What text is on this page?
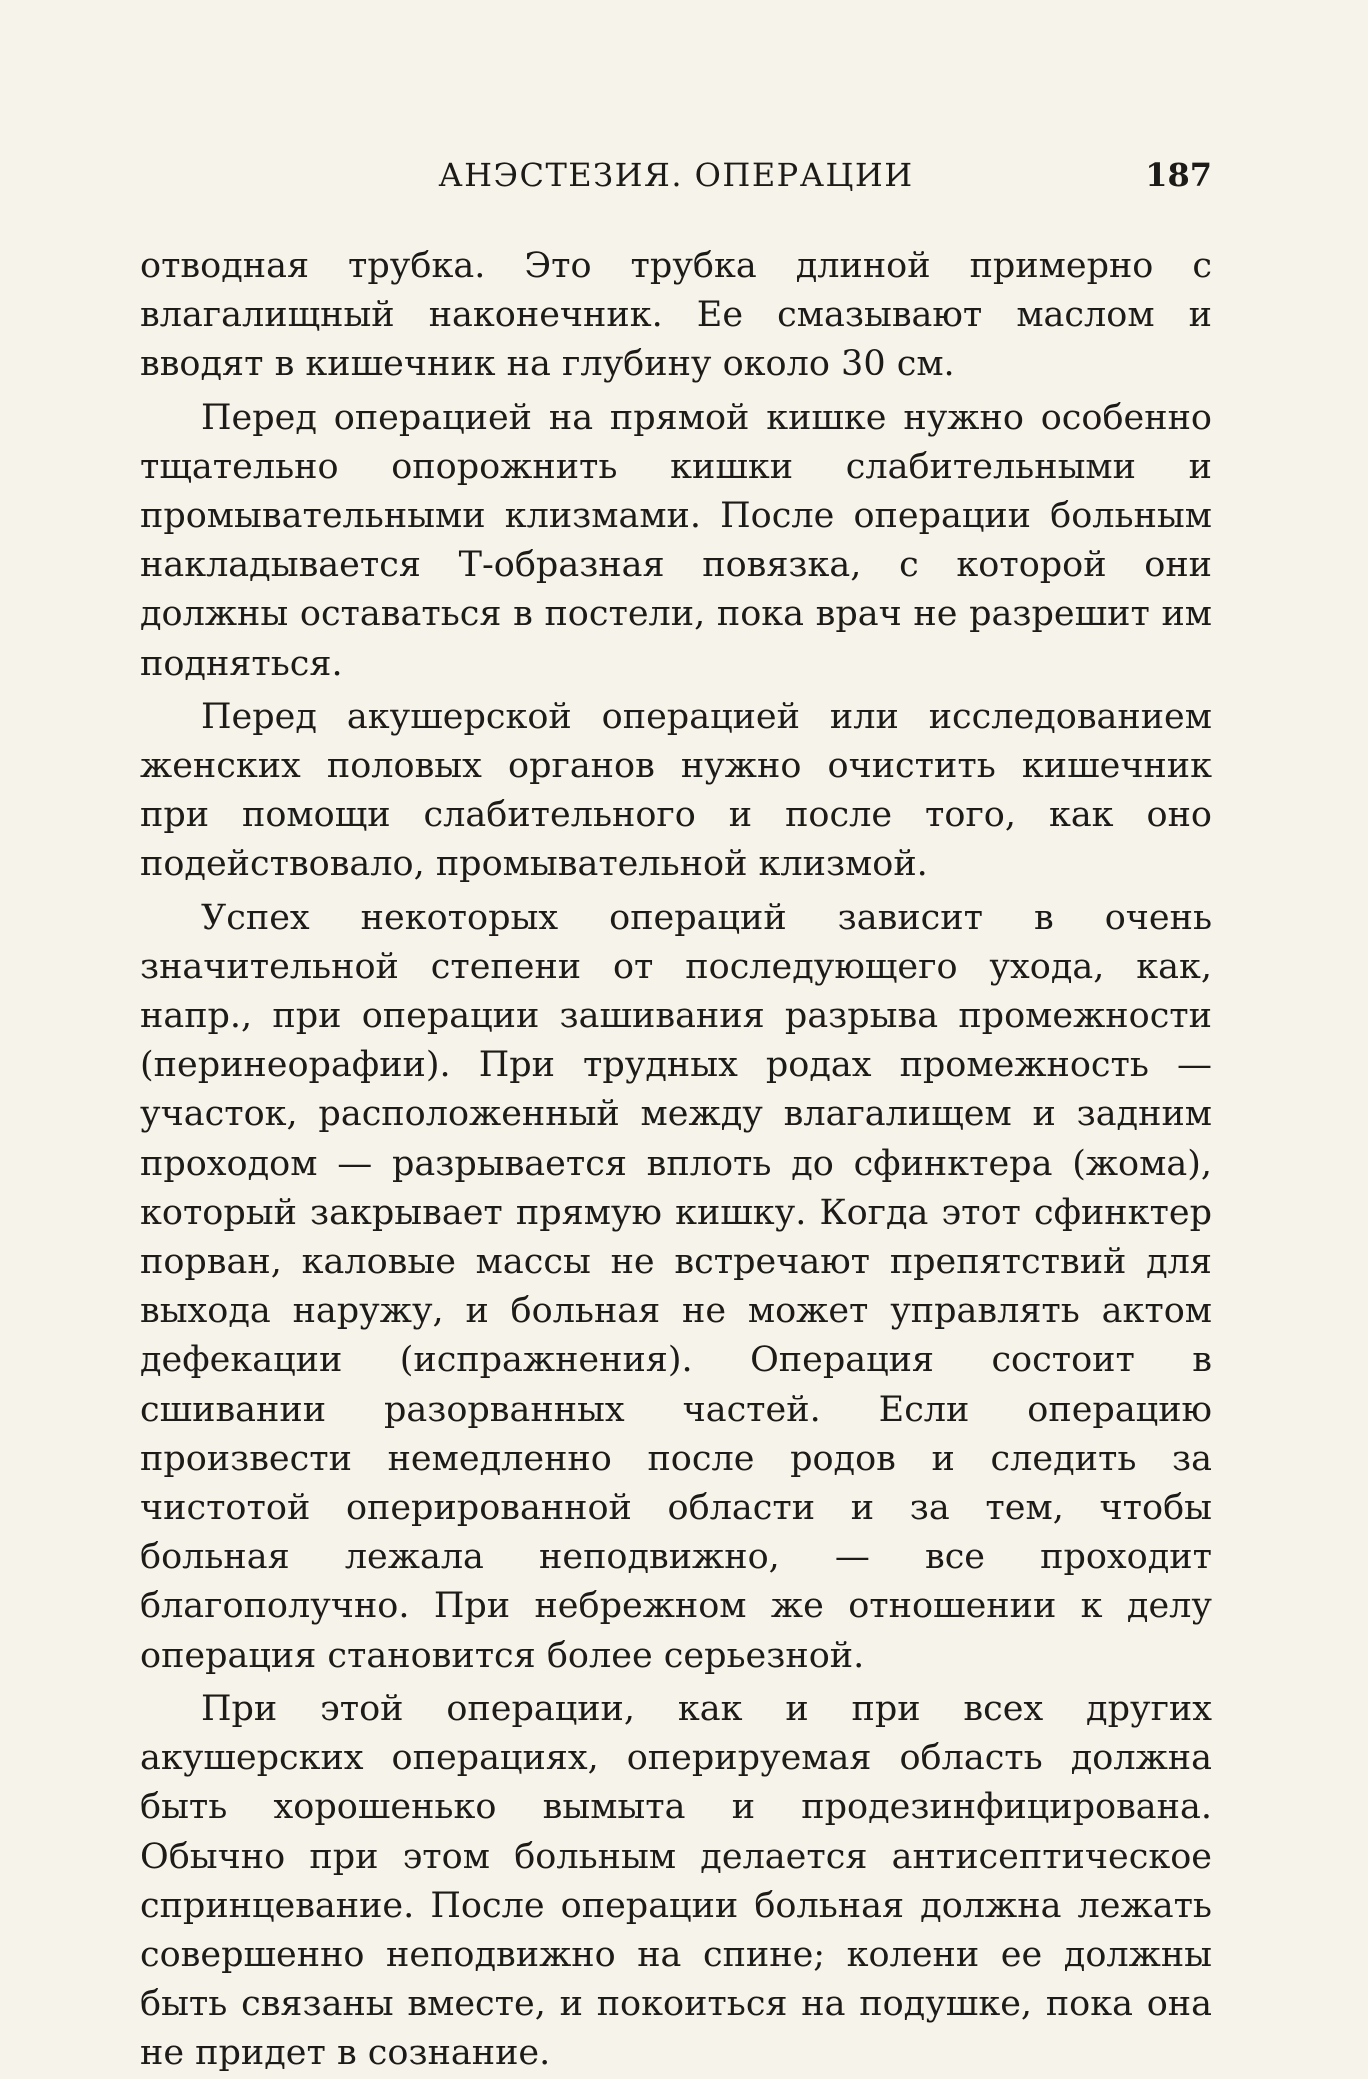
АНЭСТЕЗИЯ. ОПЕРАЦИИ	187

отводная трубка. Это трубка длиной примерно с влагалищный наконечник. Ее смазывают маслом и вводят в кишечник на глубину около 30 см.

Перед операцией на прямой кишке нужно особенно тщательно опорожнить кишки слабительными и промывательными клизмами. После операции больным накладывается Т-образная повязка, с которой они должны оставаться в постели, пока врач не разрешит им подняться.

Перед акушерской операцией или исследованием женских половых органов нужно очистить кишечник при помощи слабительного и после того, как оно подействовало, промывательной клизмой.

Успех некоторых операций зависит в очень значительной степени от последующего ухода, как, напр., при операции зашивания разрыва промежности (перинеорафии). При трудных родах промежность — участок, расположенный между влагалищем и задним проходом — разрывается вплоть до сфинктера (жома), который закрывает прямую кишку. Когда этот сфинктер порван, каловые массы не встречают препятствий для выхода наружу, и больная не может управлять актом дефекации (испражнения). Операция состоит в сшивании разорванных частей. Если операцию произвести немедленно после родов и следить за чистотой оперированной области и за тем, чтобы больная лежала неподвижно, — все проходит благополучно. При небрежном же отношении к делу операция становится более серьезной.

При этой операции, как и при всех других акушерских операциях, оперируемая область должна быть хорошенько вымыта и продезинфицирована. Обычно при этом больным делается антисептическое спринцевание. После операции больная должна лежать совершенно неподвижно на спине; колени ее должны быть связаны вместе, и покоиться на подушке, пока она не придет в сознание.
